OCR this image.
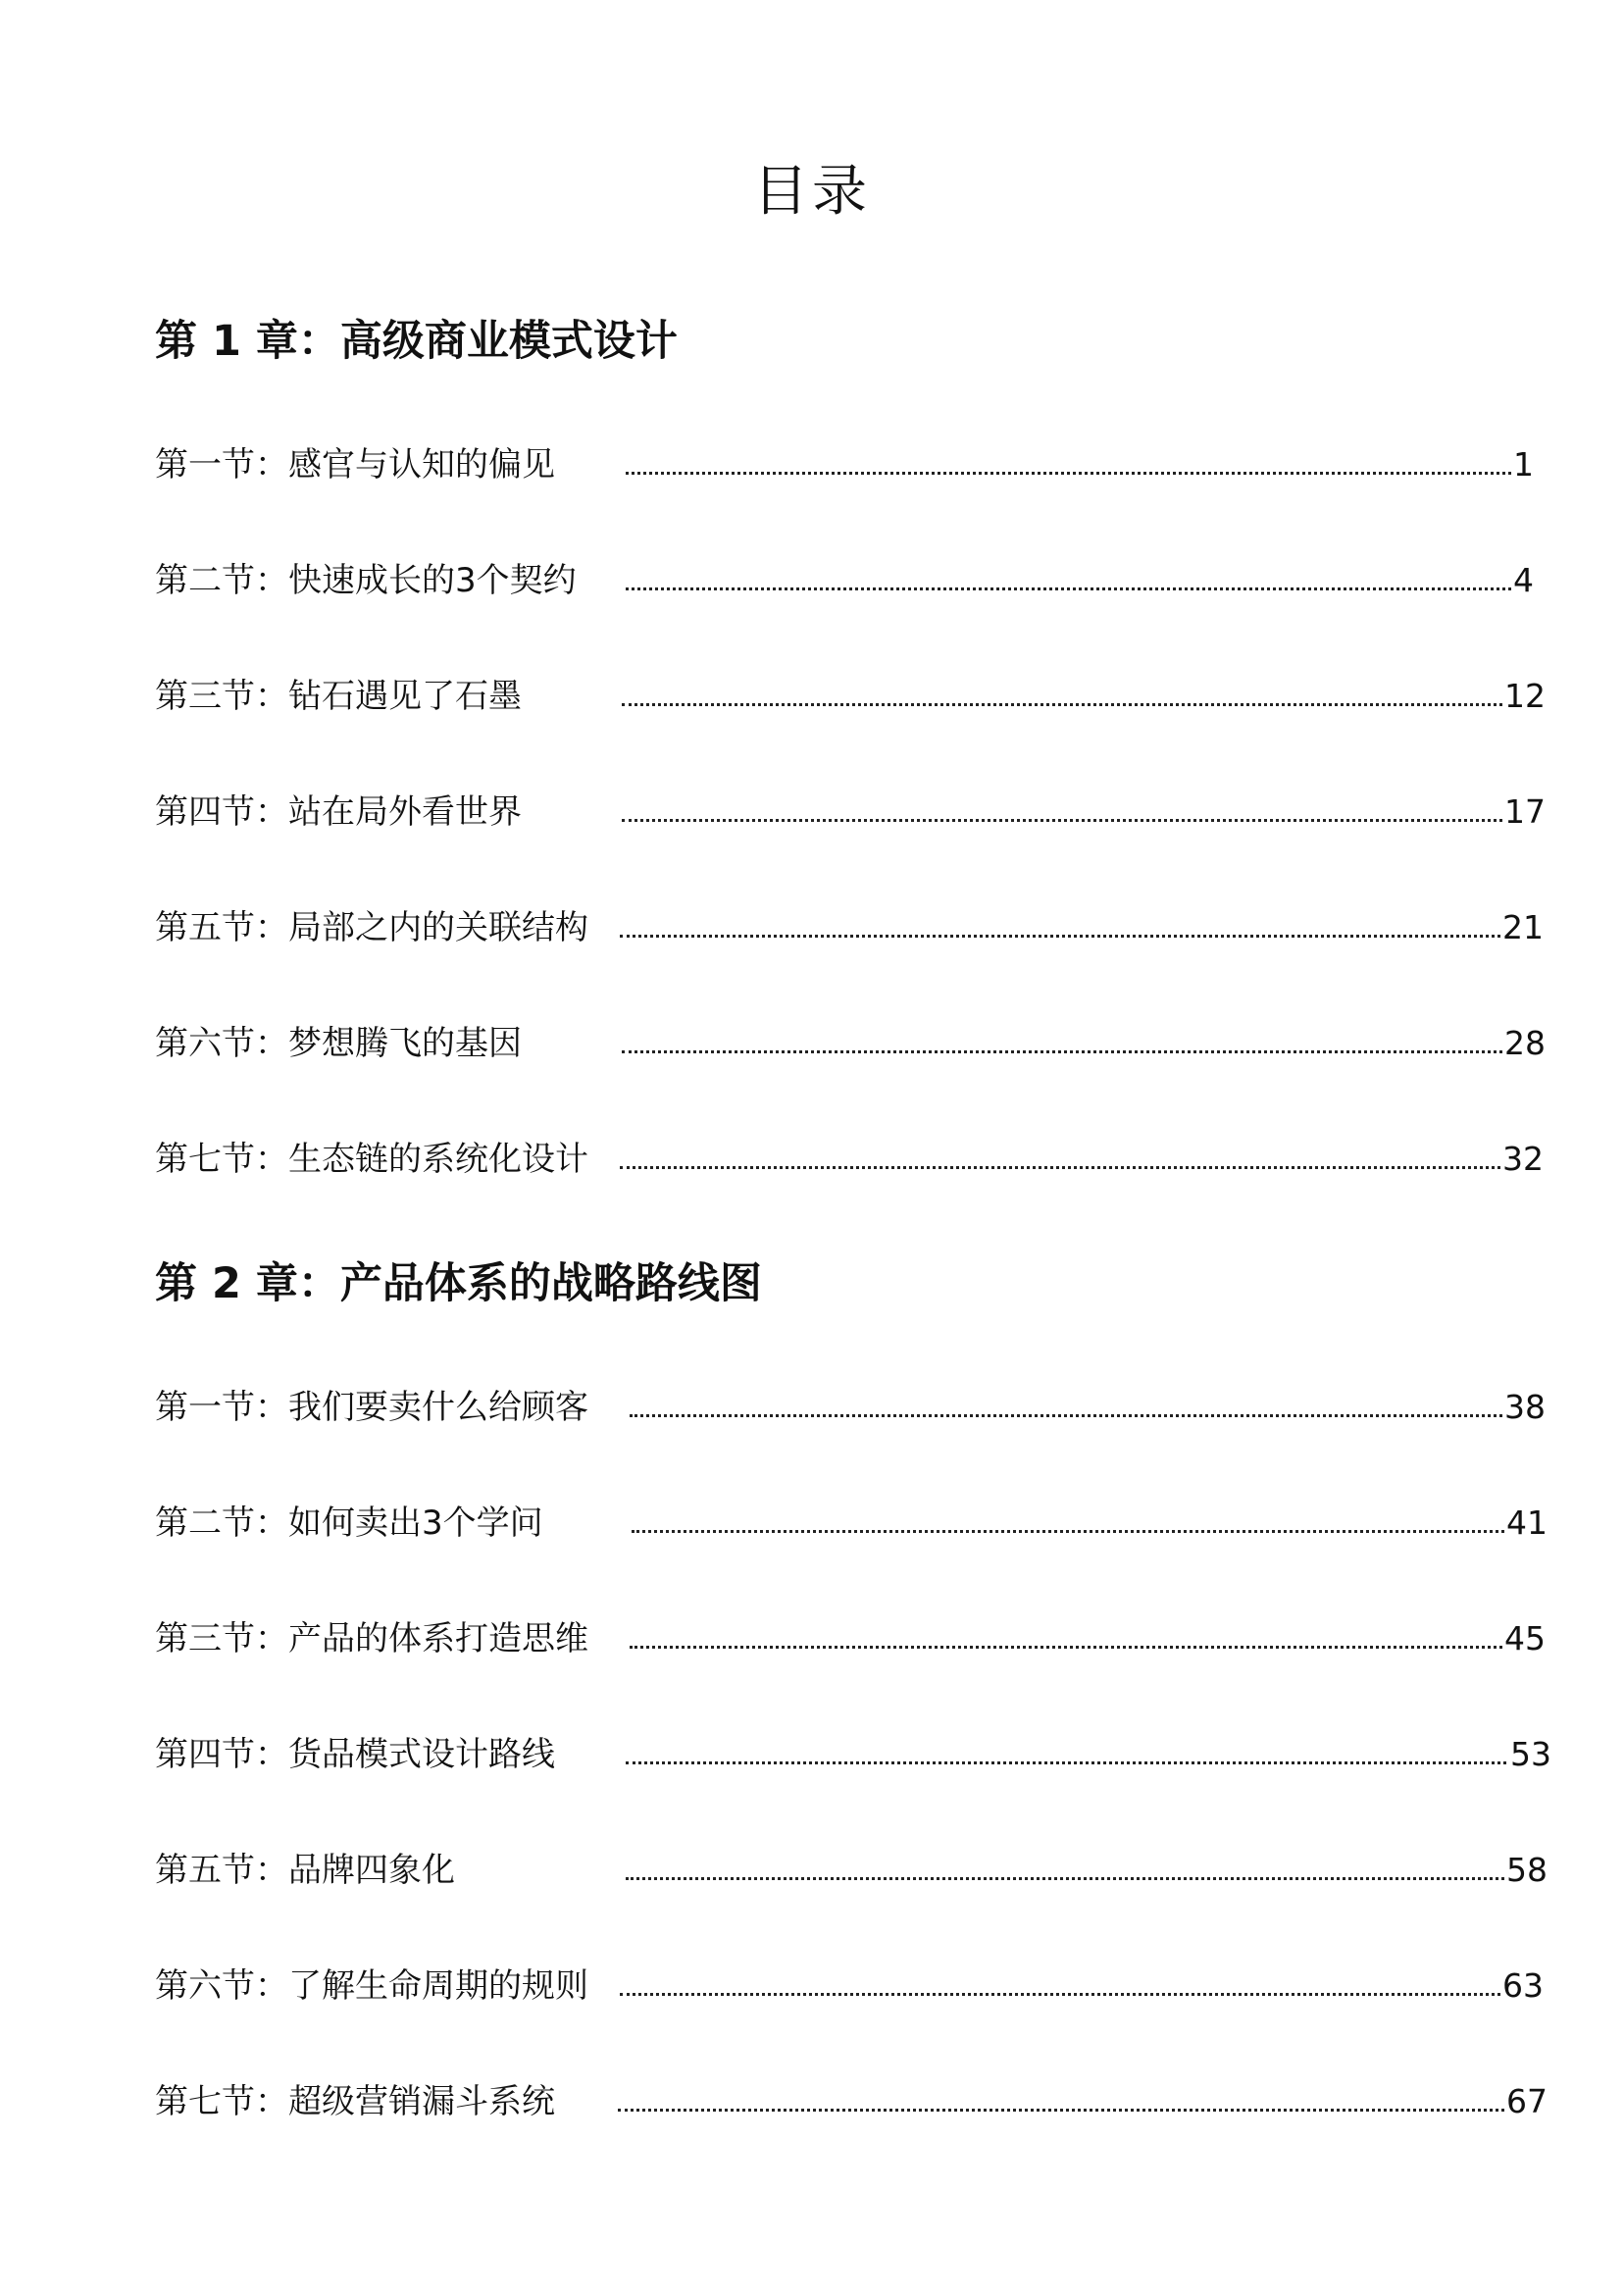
目录
第 1 章：高级商业模式设计
第一节：感官与认知的偏见	1
第二节：快速成长的3个契约	4
第三节：钻石遇见了石墨	12
第四节：站在局外看世界	17
第五节：局部之内的关联结构	21
第六节：梦想腾飞的基因	28
第七节：生态链的系统化设计	32
第 2 章：产品体系的战略路线图
第一节：我们要卖什么给顾客	38
第二节：如何卖出3个学问	41
第三节：产品的体系打造思维	45
第四节：货品模式设计路线	53
第五节：品牌四象化	58
第六节：了解生命周期的规则	63
第七节：超级营销漏斗系统	67
